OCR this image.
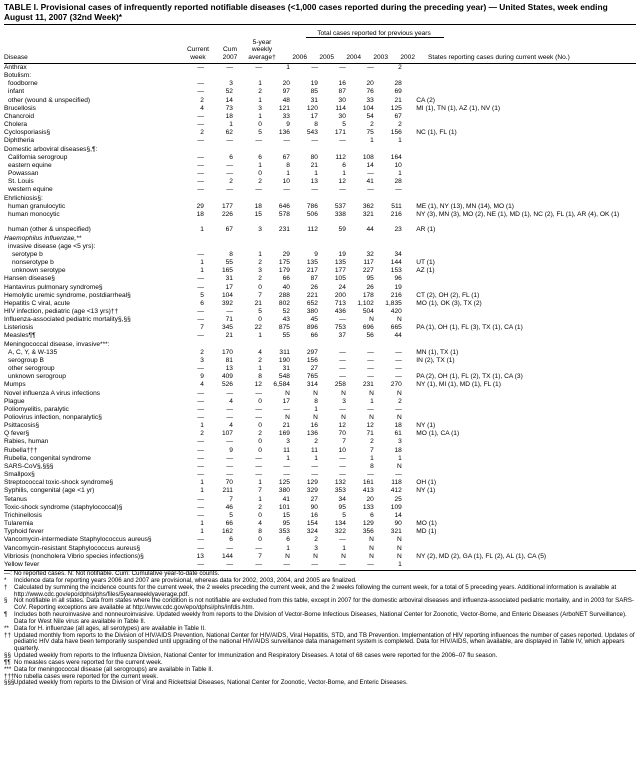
TABLE I. Provisional cases of infrequently reported notifiable diseases (<1,000 cases reported during the preceding year) — United States, week ending August 11, 2007 (32nd Week)*
Disease
Current
week
Cum
2007
5-year
weekly
average†
Total cases reported for previous years
2006	2005	2004	2003	2002 States reporting cases during current week (No.)
Anthrax	—	—	—	1	—	—	—	2		
Botulism:										
foodborne	—	3	1	20	19	16	20	28		
infant	—	52	2	97	85	87	76	69		
other (wound & unspecified)	2	14	1	48	31	30	33	21		CA (2)
Brucellosis	4	73	3	121	120	114	104	125		MI (1), TN (1), AZ (1), NV (1)
Chancroid	—	18	1	33	17	30	54	67		
Cholera	—	1	0	9	8	5	2	2		
Cyclosporiasis§	2	62	5	136	543	171	75	156		NC (1), FL (1)
Diphtheria	—	—	—	—	—	—	1	1		
Domestic arboviral diseases§,¶:										
California serogroup	—	6	6	67	80	112	108	164		
eastern equine	—	—	1	8	21	6	14	10		
Powassan	—	—	0	1	1	1	—	1		
St. Louis	—	2	2	10	13	12	41	28		
western equine	—	—	—	—	—	—	—	—		
Ehrlichiosis§:										
human granulocytic	29	177	18	646	786	537	362	511		ME (1), NY (13), MN (14), MO (1)
human monocytic	18	226	15	578	506	338	321	216		NY (3), MN (3), MO (2), NE (1), MD (1), NC (2), FL (1), AR (4), OK (1)
human (other & unspecified)	1	67	3	231	112	59	44	23		AR (1)
Haemophilus influenzae,**										
invasive disease (age <5 yrs):										
serotype b	—	8	1	29	9	19	32	34		
nonserotype b	1	55	2	175	135	135	117	144		UT (1)
unknown serotype	1	165	3	179	217	177	227	153		AZ (1)
Hansen disease§	—	31	2	66	87	105	95	96		
Hantavirus pulmonary syndrome§	—	17	0	40	26	24	26	19		
Hemolytic uremic syndrome, postdiarrheal§	5	104	7	288	221	200	178	216		CT (2), OH (2), FL (1)
Hepatitis C viral, acute	6	392	21	802	652	713	1,102	1,835		MO (1), OK (3), TX (2)
HIV infection, pediatric (age <13 yrs)††	—	—	5	52	380	436	504	420		
Influenza-associated pediatric mortality§,§§	—	71	0	43	45	—	N	N		
Listeriosis	7	345	22	875	896	753	696	665		PA (1), OH (1), FL (3), TX (1), CA (1)
Measles¶¶	—	21	1	55	66	37	56	44		
Meningococcal disease, invasive***:										
A, C, Y, & W-135	2	170	4	311	297	—	—	—		MN (1), TX (1)
serogroup B	3	81	2	190	156	—	—	—		IN (2), TX (1)
other serogroup	—	13	1	31	27	—	—	—		
unknown serogroup	9	409	8	548	765	—	—	—		PA (2), OH (1), FL (2), TX (1), CA (3)
Mumps	4	526	12	6,584	314	258	231	270		NY (1), MI (1), MD (1), FL (1)
Novel influenza A virus infections	—	—	—	N	N	N	N	N		
Plague	—	4	0	17	8	3	1	2		
Poliomyelitis, paralytic	—	—	—	—	1	—	—	—		
Poliovirus infection, nonparalytic§	—	—	—	N	N	N	N	N		
Psittacosis§	1	4	0	21	16	12	12	18		NY (1)
Q fever§	2	107	2	169	136	70	71	61		MO (1), CA (1)
Rabies, human	—	—	0	3	2	7	2	3		
Rubella†††	—	9	0	11	11	10	7	18		
Rubella, congenital syndrome	—	—	—	1	1	—	1	1		
SARS-CoV§,§§§	—	—	—	—	—	—	8	N		
Smallpox§	—	—	—	—	—	—	—	—		
Streptococcal toxic-shock syndrome§	1	70	1	125	129	132	161	118		OH (1)
Syphilis, congenital (age <1 yr)	1	211	7	380	329	353	413	412		NY (1)
Tetanus	—	7	1	41	27	34	20	25		
Toxic-shock syndrome (staphylococcal)§	—	46	2	101	90	95	133	109		
Trichinellosis	—	5	0	15	16	5	6	14		
Tularemia	1	66	4	95	154	134	129	90		MO (1)
Typhoid fever	1	162	8	353	324	322	356	321		MD (1)
Vancomycin-intermediate Staphylococcus aureus§	—	6	0	6	2	—	N	N		
Vancomycin-resistant Staphylococcus aureus§	—	—	—	1	3	1	N	N		
Vibriosis (noncholera Vibrio species infections)§	13	144	7	N	N	N	N	N		NY (2), MD (2), GA (1), FL (2), AL (1), CA (5)
Yellow fever	—	—	—	—	—	—	—	1		
—: No reported cases. N: Not notifiable. Cum: Cumulative year-to-date counts.
* Incidence data for reporting years 2006 and 2007 are provisional, whereas data for 2002, 2003, 2004, and 2005 are finalized.
† Calculated by summing the incidence counts for the current week, the 2 weeks preceding the current week, and the 2 weeks following the current week, for a total of 5 preceding years. Additional information is available at http://www.cdc.gov/epo/dphsi/phs/files/5yearweeklyaverage.pdf.
§ Not notifiable in all states. Data from states where the condition is not notifiable are excluded from this table, except in 2007 for the domestic arboviral diseases and influenza-associated pediatric mortality, and in 2003 for SARS-CoV. Reporting exceptions are available at http://www.cdc.gov/epo/dphsi/phs/infdis.htm.
¶ Includes both neuroinvasive and nonneuroinvasive. Updated weekly from reports to the Division of Vector-Borne Infectious Diseases, National Center for Zoonotic, Vector-Borne, and Enteric Diseases (ArboNET Surveillance). Data for West Nile virus are available in Table II.
** Data for H. influenzae (all ages, all serotypes) are available in Table II.
†† Updated monthly from reports to the Division of HIV/AIDS Prevention, National Center for HIV/AIDS, Viral Hepatitis, STD, and TB Prevention. Implementation of HIV reporting influences the number of cases reported. Updates of pediatric HIV data have been temporarily suspended until upgrading of the national HIV/AIDS surveillance data management system is completed. Data for HIV/AIDS, when available, are displayed in Table IV, which appears quarterly.
§§ Updated weekly from reports to the Influenza Division, National Center for Immunization and Respiratory Diseases. A total of 68 cases were reported for the 2006–07 flu season.
¶¶ No measles cases were reported for the current week.
*** Data for meningococcal disease (all serogroups) are available in Table II.
††† No rubella cases were reported for the current week.
§§§ Updated weekly from reports to the Division of Viral and Rickettsial Diseases, National Center for Zoonotic, Vector-Borne, and Enteric Diseases.
